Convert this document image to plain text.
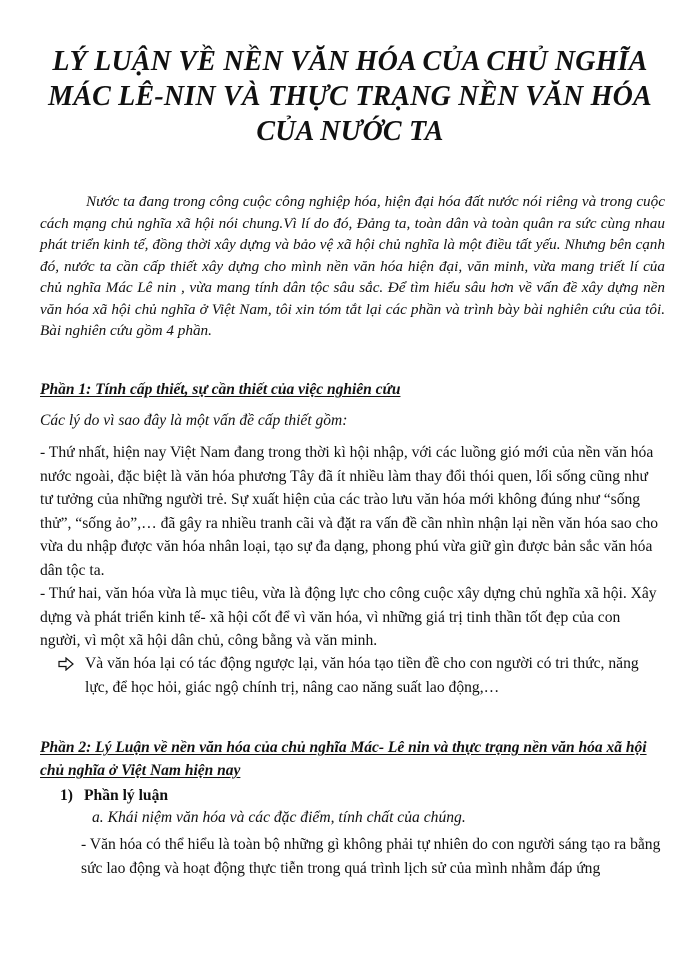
LÝ LUẬN VỀ NỀN VĂN HÓA CỦA CHỦ NGHĨA MÁC LÊ-NIN VÀ THỰC TRẠNG NỀN VĂN HÓA CỦA NƯỚC TA
Nước ta đang trong công cuộc công nghiệp hóa, hiện đại hóa đất nước nói riêng và trong cuộc cách mạng chủ nghĩa xã hội nói chung.Vì lí do đó, Đảng ta, toàn dân và toàn quân ra sức cùng nhau phát triển kinh tế, đồng thời xây dựng và bảo vệ xã hội chủ nghĩa là một điều tất yếu. Nhưng bên cạnh đó, nước ta cần cấp thiết xây dựng cho mình nền văn hóa hiện đại, văn minh, vừa mang triết lí của chủ nghĩa Mác Lê nin , vừa mang tính dân tộc sâu sắc. Để tìm hiểu sâu hơn về vấn đề xây dựng nền văn hóa xã hội chủ nghĩa ở Việt Nam, tôi xin tóm tắt lại các phần và trình bày bài nghiên cứu của tôi. Bài nghiên cứu gồm 4 phần.
Phần 1: Tính cấp thiết, sự cần thiết của việc nghiên cứu
Các lý do vì sao đây là một vấn đề cấp thiết gồm:
- Thứ nhất, hiện nay Việt Nam đang trong thời kì hội nhập, với các luồng gió mới của nền văn hóa nước ngoài, đặc biệt là văn hóa phương Tây đã ít nhiều làm thay đổi thói quen, lối sống cũng như tư tưởng của những người trẻ. Sự xuất hiện của các trào lưu văn hóa mới không đúng như “sống thử”, “sống ảo”,… đã gây ra nhiều tranh cãi và đặt ra vấn đề cần nhìn nhận lại nền văn hóa sao cho vừa du nhập được văn hóa nhân loại, tạo sự đa dạng, phong phú vừa giữ gìn được bản sắc văn hóa dân tộc ta.
- Thứ hai, văn hóa vừa là mục tiêu, vừa là động lực cho công cuộc xây dựng chủ nghĩa xã hội. Xây dựng và phát triển kinh tế- xã hội cốt để vì văn hóa, vì những giá trị tinh thần tốt đẹp của con người, vì một xã hội dân chủ, công bằng và văn minh.
Và văn hóa lại có tác động ngược lại, văn hóa tạo tiền đề cho con người có tri thức, năng lực, để học hỏi, giác ngộ chính trị, nâng cao năng suất lao động,…
Phần 2: Lý Luận về nền văn hóa của chủ nghĩa Mác- Lê nin và thực trạng nền văn hóa xã hội chủ nghĩa ở Việt Nam hiện nay
1) Phần lý luận
a. Khái niệm văn hóa và các đặc điểm, tính chất của chúng.
- Văn hóa có thể hiểu là toàn bộ những gì không phải tự nhiên do con người sáng tạo ra bằng sức lao động và hoạt động thực tiễn trong quá trình lịch sử của mình nhằm đáp ứng
